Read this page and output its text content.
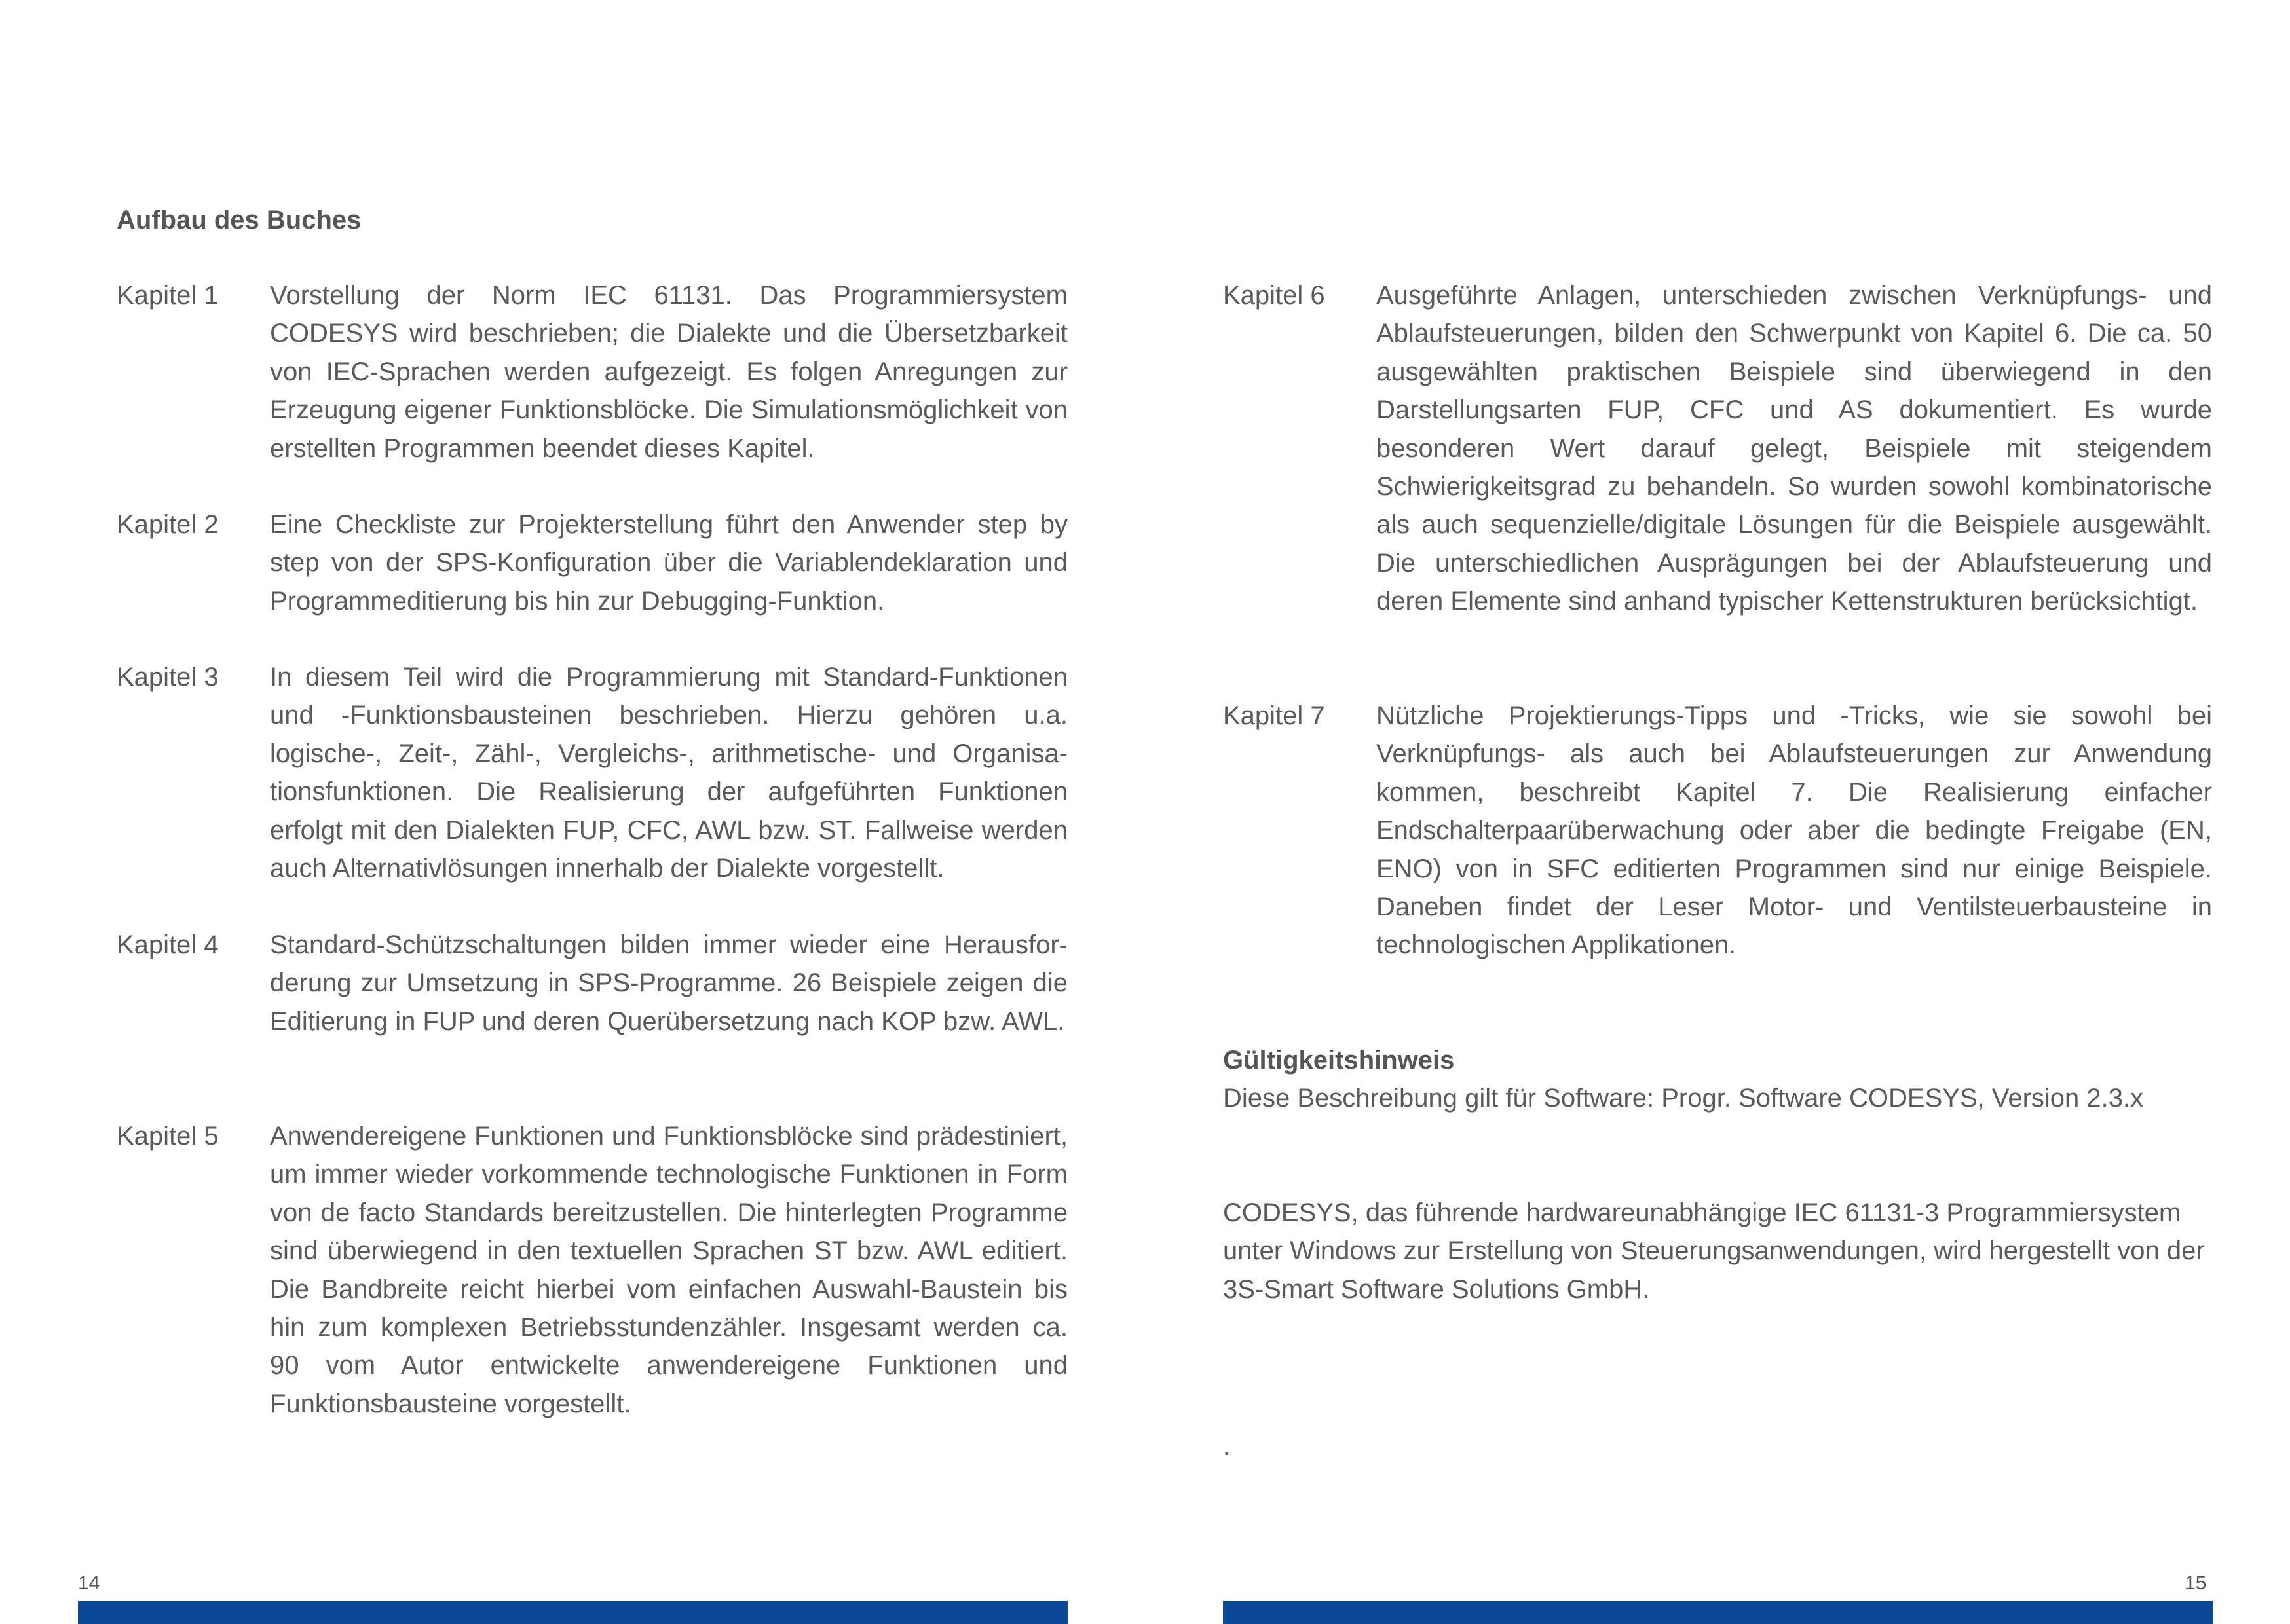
Aufbau des Buches
Kapitel 1	Vorstellung der Norm IEC 61131. Das Programmiersystem CODESYS wird beschrieben; die Dialekte und die Übersetzbarkeit von IEC-Sprachen werden aufgezeigt. Es folgen Anregungen zur Erzeugung eigener Funktionsblöcke. Die Simulationsmöglichkeit von erstellten Programmen beendet dieses Kapitel.
Kapitel 2	Eine Checkliste zur Projekterstellung führt den Anwender step by step von der SPS-Konfiguration über die Variablendeklaration und Programmeditierung bis hin zur Debugging-Funktion.
Kapitel 3	In diesem Teil wird die Programmierung mit Standard-Funktionen und -Funktionsbausteinen beschrieben. Hierzu gehören u.a. logische-, Zeit-, Zähl-, Vergleichs-, arithmetische- und Organisationsfunktionen. Die Realisierung der aufgeführten Funktionen erfolgt mit den Dialekten FUP, CFC, AWL bzw. ST. Fallweise werden auch Alternativlösungen innerhalb der Dialekte vorgestellt.
Kapitel 4	Standard-Schützschaltungen bilden immer wieder eine Herausforderung zur Umsetzung in SPS-Programme. 26 Beispiele zeigen die Editierung in FUP und deren Querübersetzung nach KOP bzw. AWL.
Kapitel 5	Anwendereigene Funktionen und Funktionsblöcke sind prädestiniert, um immer wieder vorkommende technologische Funktionen in Form von de facto Standards bereitzustellen. Die hinterlegten Programme sind überwiegend in den textuellen Sprachen ST bzw. AWL editiert. Die Bandbreite reicht hierbei vom einfachen Auswahl-Baustein bis hin zum komplexen Betriebsstundenzähler. Insgesamt werden ca. 90 vom Autor entwickelte anwendereigene Funktionen und Funktionsbausteine vorgestellt.
14
Kapitel 6	Ausgeführte Anlagen, unterschieden zwischen Verknüpfungs- und Ablaufsteuerungen, bilden den Schwerpunkt von Kapitel 6. Die ca. 50 ausgewählten praktischen Beispiele sind überwiegend in den Darstellungsarten FUP, CFC und AS dokumentiert. Es wurde besonderen Wert darauf gelegt, Beispiele mit steigendem Schwierigkeitsgrad zu behandeln. So wurden sowohl kombinatorische als auch sequenzielle/digitale Lösungen für die Beispiele ausgewählt. Die unterschiedlichen Ausprägungen bei der Ablaufsteuerung und deren Elemente sind anhand typischer Kettenstrukturen berücksichtigt.
Kapitel 7	Nützliche Projektierungs-Tipps und -Tricks, wie sie sowohl bei Verknüpfungs- als auch bei Ablaufsteuerungen zur Anwendung kommen, beschreibt Kapitel 7. Die Realisierung einfacher Endschalterpaarüberwachung oder aber die bedingte Freigabe (EN, ENO) von in SFC editierten Programmen sind nur einige Beispiele. Daneben findet der Leser Motor- und Ventilsteuerbausteine in technologischen Applikationen.
Gültigkeitshinweis

Diese Beschreibung gilt für Software: Progr. Software CODESYS, Version 2.3.x

CODESYS, das führende hardwareunabhängige IEC 61131-3 Programmiersystem unter Windows zur Erstellung von Steuerungsanwendungen, wird hergestellt von der 3S-Smart Software Solutions GmbH.

.

15
